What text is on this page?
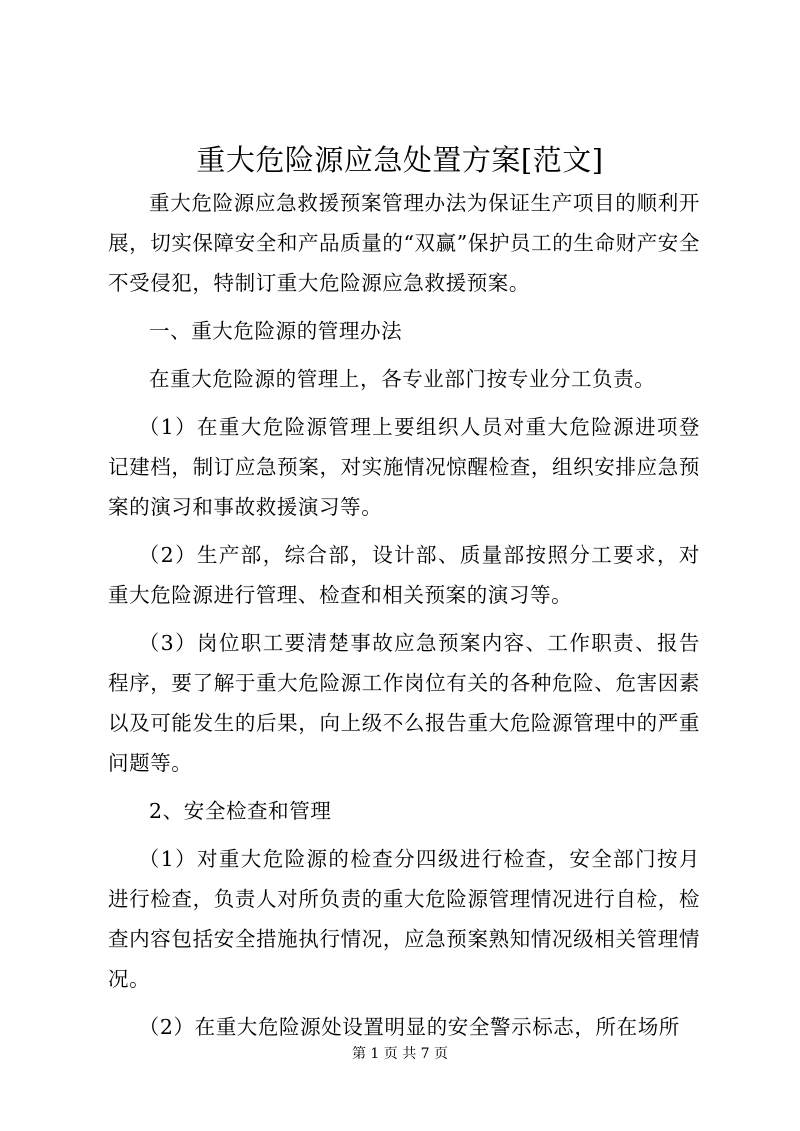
重大危险源应急处置方案[范文]

重大危险源应急救援预案管理办法为保证生产项目的顺利开展，切实保障安全和产品质量的“双赢”保护员工的生命财产安全不受侵犯，特制订重大危险源应急救援预案。

一、重大危险源的管理办法

在重大危险源的管理上，各专业部门按专业分工负责。

（1）在重大危险源管理上要组织人员对重大危险源进项登记建档，制订应急预案，对实施情况惊醒检查，组织安排应急预案的演习和事故救援演习等。

（2）生产部，综合部，设计部、质量部按照分工要求，对重大危险源进行管理、检查和相关预案的演习等。

（3）岗位职工要清楚事故应急预案内容、工作职责、报告程序，要了解于重大危险源工作岗位有关的各种危险、危害因素以及可能发生的后果，向上级不么报告重大危险源管理中的严重问题等。

2、安全检查和管理

（1）对重大危险源的检查分四级进行检查，安全部门按月进行检查，负责人对所负责的重大危险源管理情况进行自检，检查内容包括安全措施执行情况，应急预案熟知情况级相关管理情况。

（2）在重大危险源处设置明显的安全警示标志，所在场所

第 1 页 共 7 页
